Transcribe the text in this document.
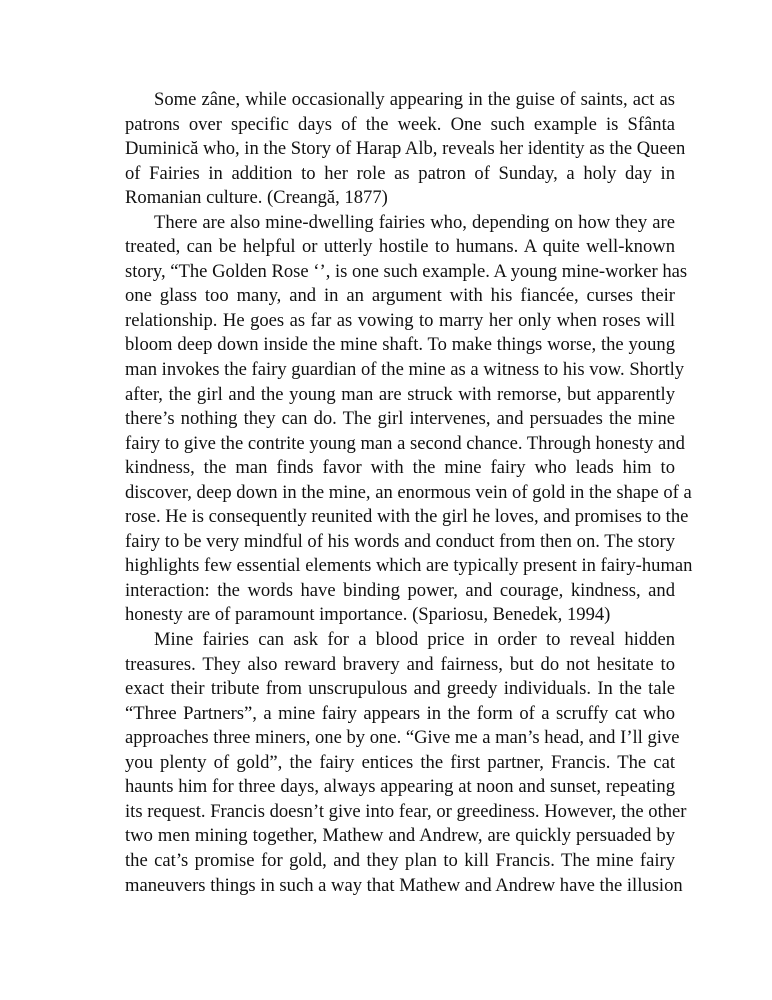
Some zâne, while occasionally appearing in the guise of saints, act as
patrons over specific days of the week. One such example is Sfânta
Duminică who, in the Story of Harap Alb, reveals her identity as the Queen
of Fairies in addition to her role as patron of Sunday, a holy day in
Romanian culture. (Creangă, 1877)
There are also mine-dwelling fairies who, depending on how they are
treated, can be helpful or utterly hostile to humans. A quite well-known
story, “The Golden Rose ‘’, is one such example. A young mine-worker has
one glass too many, and in an argument with his fiancée, curses their
relationship. He goes as far as vowing to marry her only when roses will
bloom deep down inside the mine shaft. To make things worse, the young
man invokes the fairy guardian of the mine as a witness to his vow. Shortly
after, the girl and the young man are struck with remorse, but apparently
there’s nothing they can do. The girl intervenes, and persuades the mine
fairy to give the contrite young man a second chance. Through honesty and
kindness, the man finds favor with the mine fairy who leads him to
discover, deep down in the mine, an enormous vein of gold in the shape of a
rose. He is consequently reunited with the girl he loves, and promises to the
fairy to be very mindful of his words and conduct from then on. The story
highlights few essential elements which are typically present in fairy-human
interaction: the words have binding power, and courage, kindness, and
honesty are of paramount importance. (Spariosu, Benedek, 1994)
Mine fairies can ask for a blood price in order to reveal hidden
treasures. They also reward bravery and fairness, but do not hesitate to
exact their tribute from unscrupulous and greedy individuals. In the tale
“Three Partners”, a mine fairy appears in the form of a scruffy cat who
approaches three miners, one by one. “Give me a man’s head, and I’ll give
you plenty of gold”, the fairy entices the first partner, Francis. The cat
haunts him for three days, always appearing at noon and sunset, repeating
its request. Francis doesn’t give into fear, or greediness. However, the other
two men mining together, Mathew and Andrew, are quickly persuaded by
the cat’s promise for gold, and they plan to kill Francis. The mine fairy
maneuvers things in such a way that Mathew and Andrew have the illusion
